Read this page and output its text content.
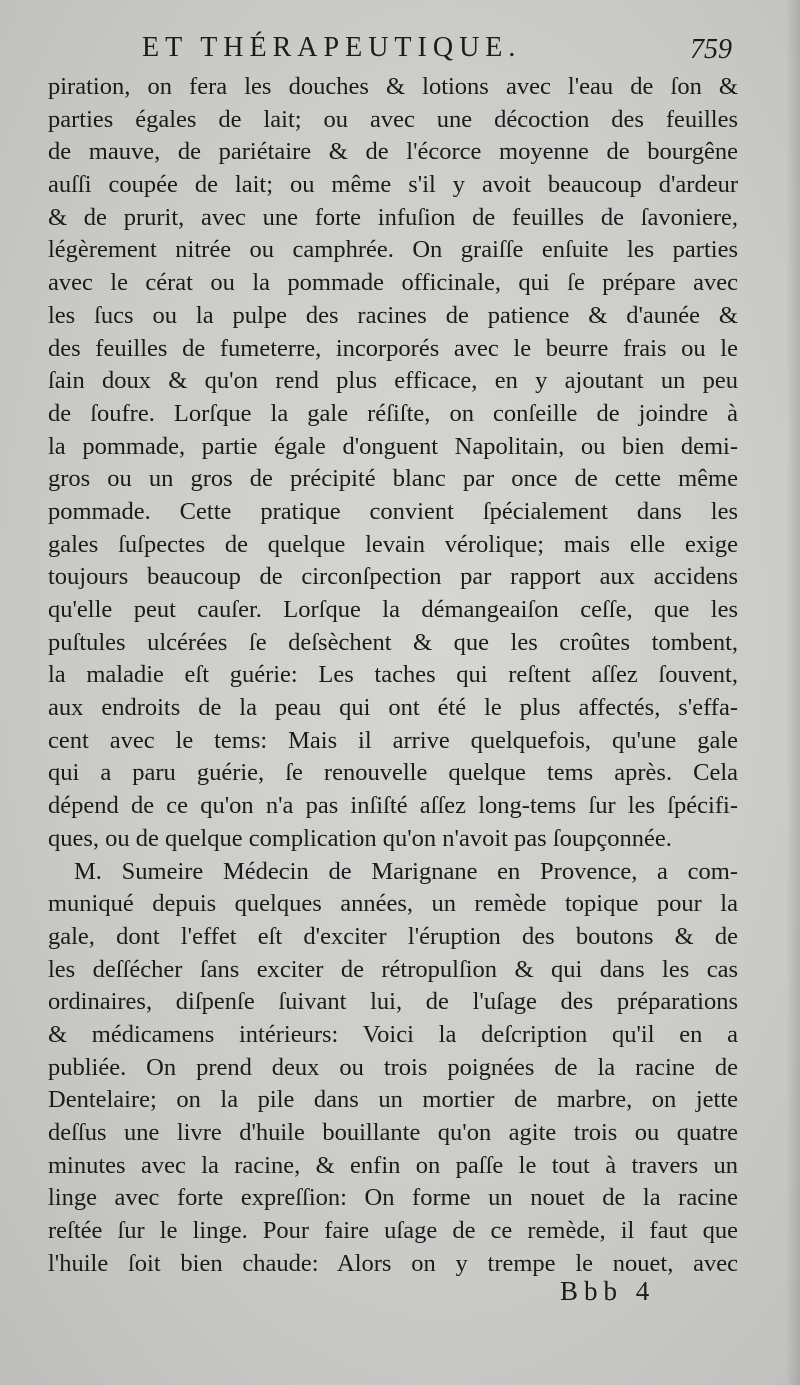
ET THÉRAPEUTIQUE.	759
piration, on fera les douches & lotions avec l'eau de ſon &
parties égales de lait; ou avec une décoction des feuilles
de mauve, de pariétaire & de l'écorce moyenne de bourgêne
auſſi coupée de lait; ou même s'il y avoit beaucoup d'ardeur
& de prurit, avec une forte infuſion de feuilles de ſavoniere,
légèrement nitrée ou camphrée. On graiſſe enſuite les parties
avec le cérat ou la pommade officinale, qui ſe prépare avec
les ſucs ou la pulpe des racines de patience & d'aunée &
des feuilles de fumeterre, incorporés avec le beurre frais ou le
ſain doux & qu'on rend plus efficace, en y ajoutant un peu
de ſoufre. Lorſque la gale réſiſte, on conſeille de joindre à
la pommade, partie égale d'onguent Napolitain, ou bien demi-
gros ou un gros de précipité blanc par once de cette même
pommade. Cette pratique convient ſpécialement dans les
gales ſuſpectes de quelque levain vérolique; mais elle exige
toujours beaucoup de circonſpection par rapport aux accidens
qu'elle peut cauſer. Lorſque la démangeaiſon ceſſe, que les
puſtules ulcérées ſe deſsèchent & que les croûtes tombent,
la maladie eſt guérie: Les taches qui reſtent aſſez ſouvent,
aux endroits de la peau qui ont été le plus affectés, s'effa-
cent avec le tems: Mais il arrive quelquefois, qu'une gale
qui a paru guérie, ſe renouvelle quelque tems après. Cela
dépend de ce qu'on n'a pas inſiſté aſſez long-tems ſur les ſpécifi-
ques, ou de quelque complication qu'on n'avoit pas ſoupçonnée.
M. Sumeire Médecin de Marignane en Provence, a com-
muniqué depuis quelques années, un remède topique pour la
gale, dont l'effet eſt d'exciter l'éruption des boutons & de
les deſſécher ſans exciter de rétropulſion & qui dans les cas
ordinaires, diſpenſe ſuivant lui, de l'uſage des préparations
& médicamens intérieurs: Voici la deſcription qu'il en a
publiée. On prend deux ou trois poignées de la racine de
Dentelaire; on la pile dans un mortier de marbre, on jette
deſſus une livre d'huile bouillante qu'on agite trois ou quatre
minutes avec la racine, & enfin on paſſe le tout à travers un
linge avec forte expreſſion: On forme un nouet de la racine
reſtée ſur le linge. Pour faire uſage de ce remède, il faut que
l'huile ſoit bien chaude: Alors on y trempe le nouet, avec
Bbb 4
